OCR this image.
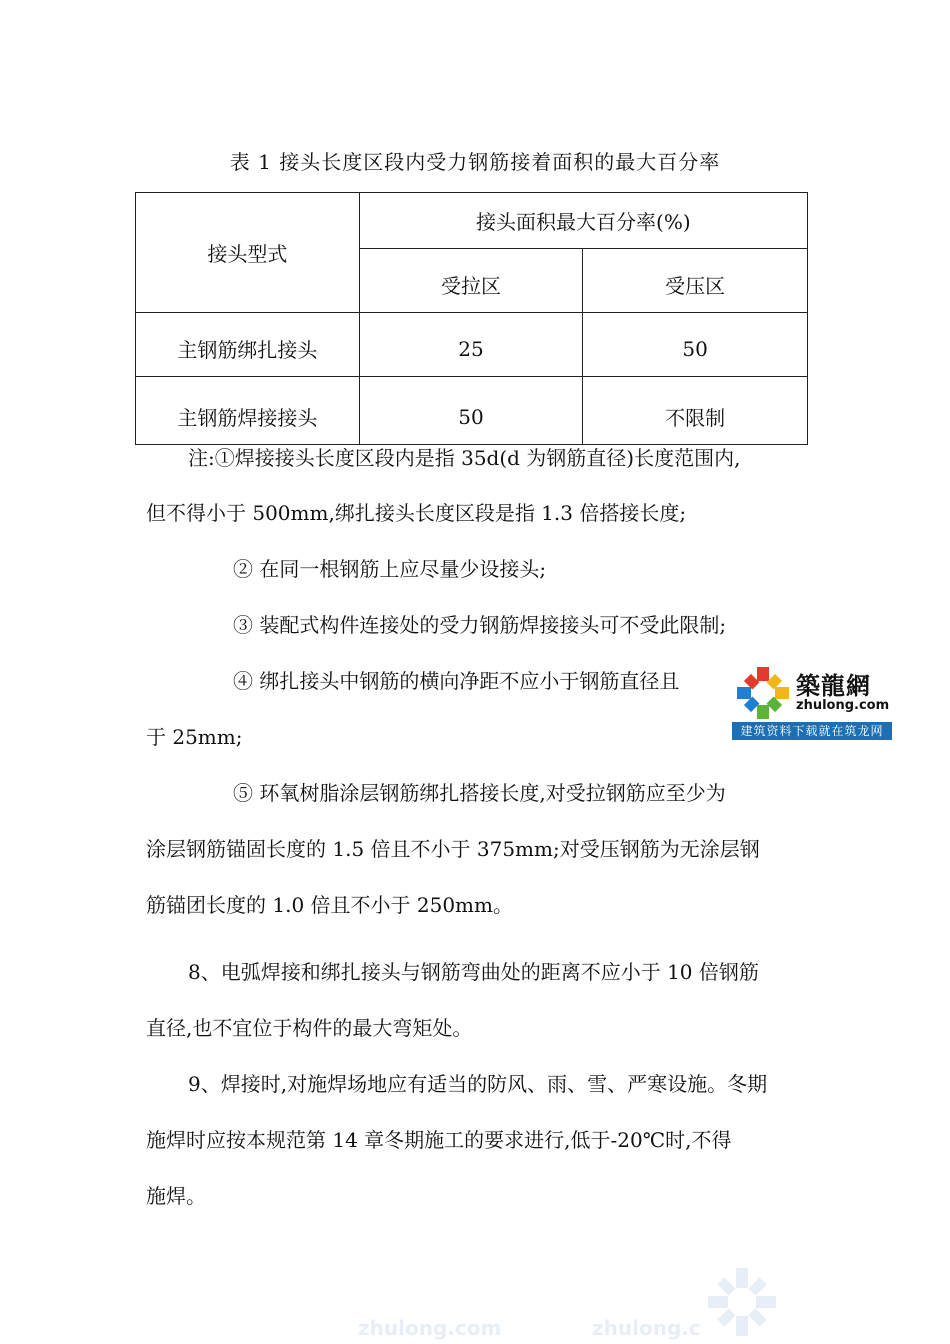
表 1 接头长度区段内受力钢筋接着面积的最大百分率
接头型式	接头面积最大百分率(%)	
	受拉区	受压区
主钢筋绑扎接头	25	50
主钢筋焊接接头	50	不限制
注:①焊接接头长度区段内是指 35d(d 为钢筋直径)长度范围内,
但不得小于 500mm,绑扎接头长度区段是指 1.3 倍搭接长度;
② 在同一根钢筋上应尽量少设接头;
③ 装配式构件连接处的受力钢筋焊接接头可不受此限制;
④ 绑扎接头中钢筋的横向净距不应小于钢筋直径且
于 25mm;
⑤ 环氧树脂涂层钢筋绑扎搭接长度,对受拉钢筋应至少为
涂层钢筋锚固长度的 1.5 倍且不小于 375mm;对受压钢筋为无涂层钢
筋锚团长度的 1.0 倍且不小于 250mm。
8、电弧焊接和绑扎接头与钢筋弯曲处的距离不应小于 10 倍钢筋
直径,也不宜位于构件的最大弯矩处。
9、焊接时,对施焊场地应有适当的防风、雨、雪、严寒设施。冬期
施焊时应按本规范第 14 章冬期施工的要求进行,低于-20℃时,不得
施焊。
築龍網
zhulong.com
建筑资料下载就在筑龙网
zhulong.com	zhulong.c
